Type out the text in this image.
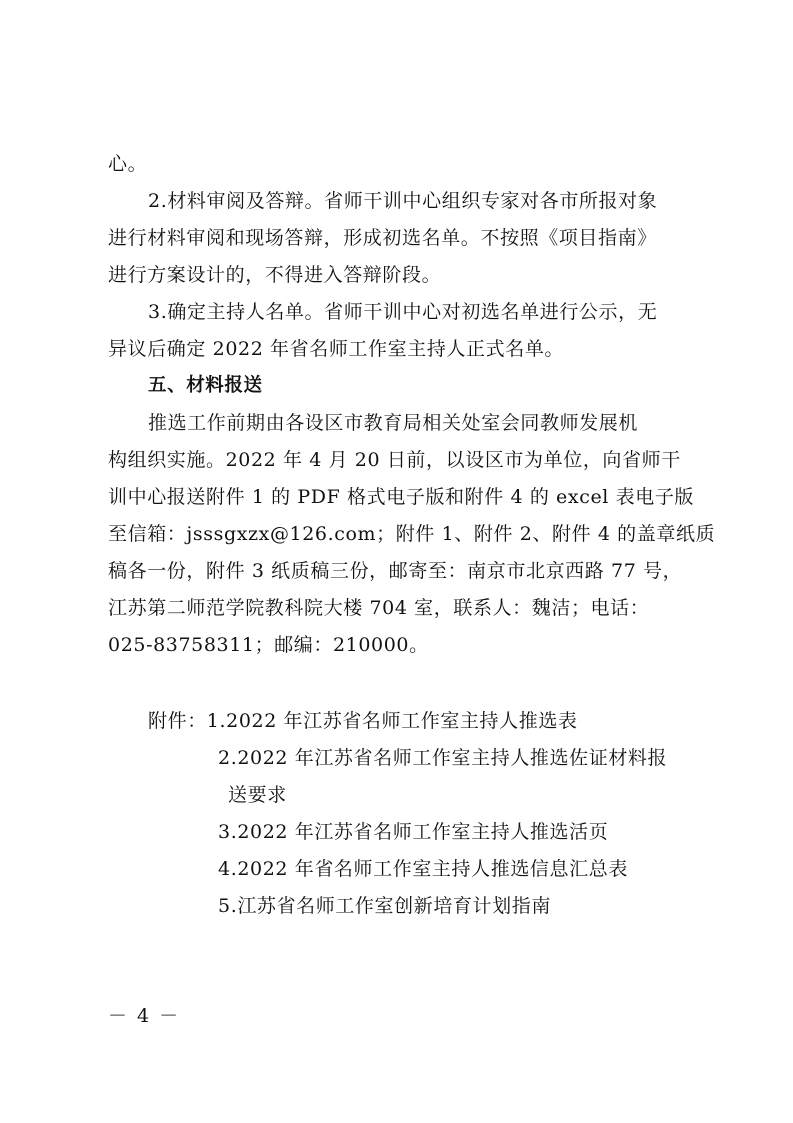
心。
2.材料审阅及答辩。省师干训中心组织专家对各市所报对象
进行材料审阅和现场答辩，形成初选名单。不按照《项目指南》
进行方案设计的，不得进入答辩阶段。
3.确定主持人名单。省师干训中心对初选名单进行公示，无
异议后确定 2022 年省名师工作室主持人正式名单。
五、材料报送
推选工作前期由各设区市教育局相关处室会同教师发展机
构组织实施。2022 年 4 月 20 日前，以设区市为单位，向省师干
训中心报送附件 1 的 PDF 格式电子版和附件 4 的 excel 表电子版
至信箱：jsssgxzx@126.com；附件 1、附件 2、附件 4 的盖章纸质
稿各一份，附件 3 纸质稿三份，邮寄至：南京市北京西路 77 号，
江苏第二师范学院教科院大楼 704 室，联系人：魏洁；电话：
025-83758311；邮编：210000。
附件：1.2022 年江苏省名师工作室主持人推选表
2.2022 年江苏省名师工作室主持人推选佐证材料报
送要求
3.2022 年江苏省名师工作室主持人推选活页
4.2022 年省名师工作室主持人推选信息汇总表
5.江苏省名师工作室创新培育计划指南
－ 4 －
